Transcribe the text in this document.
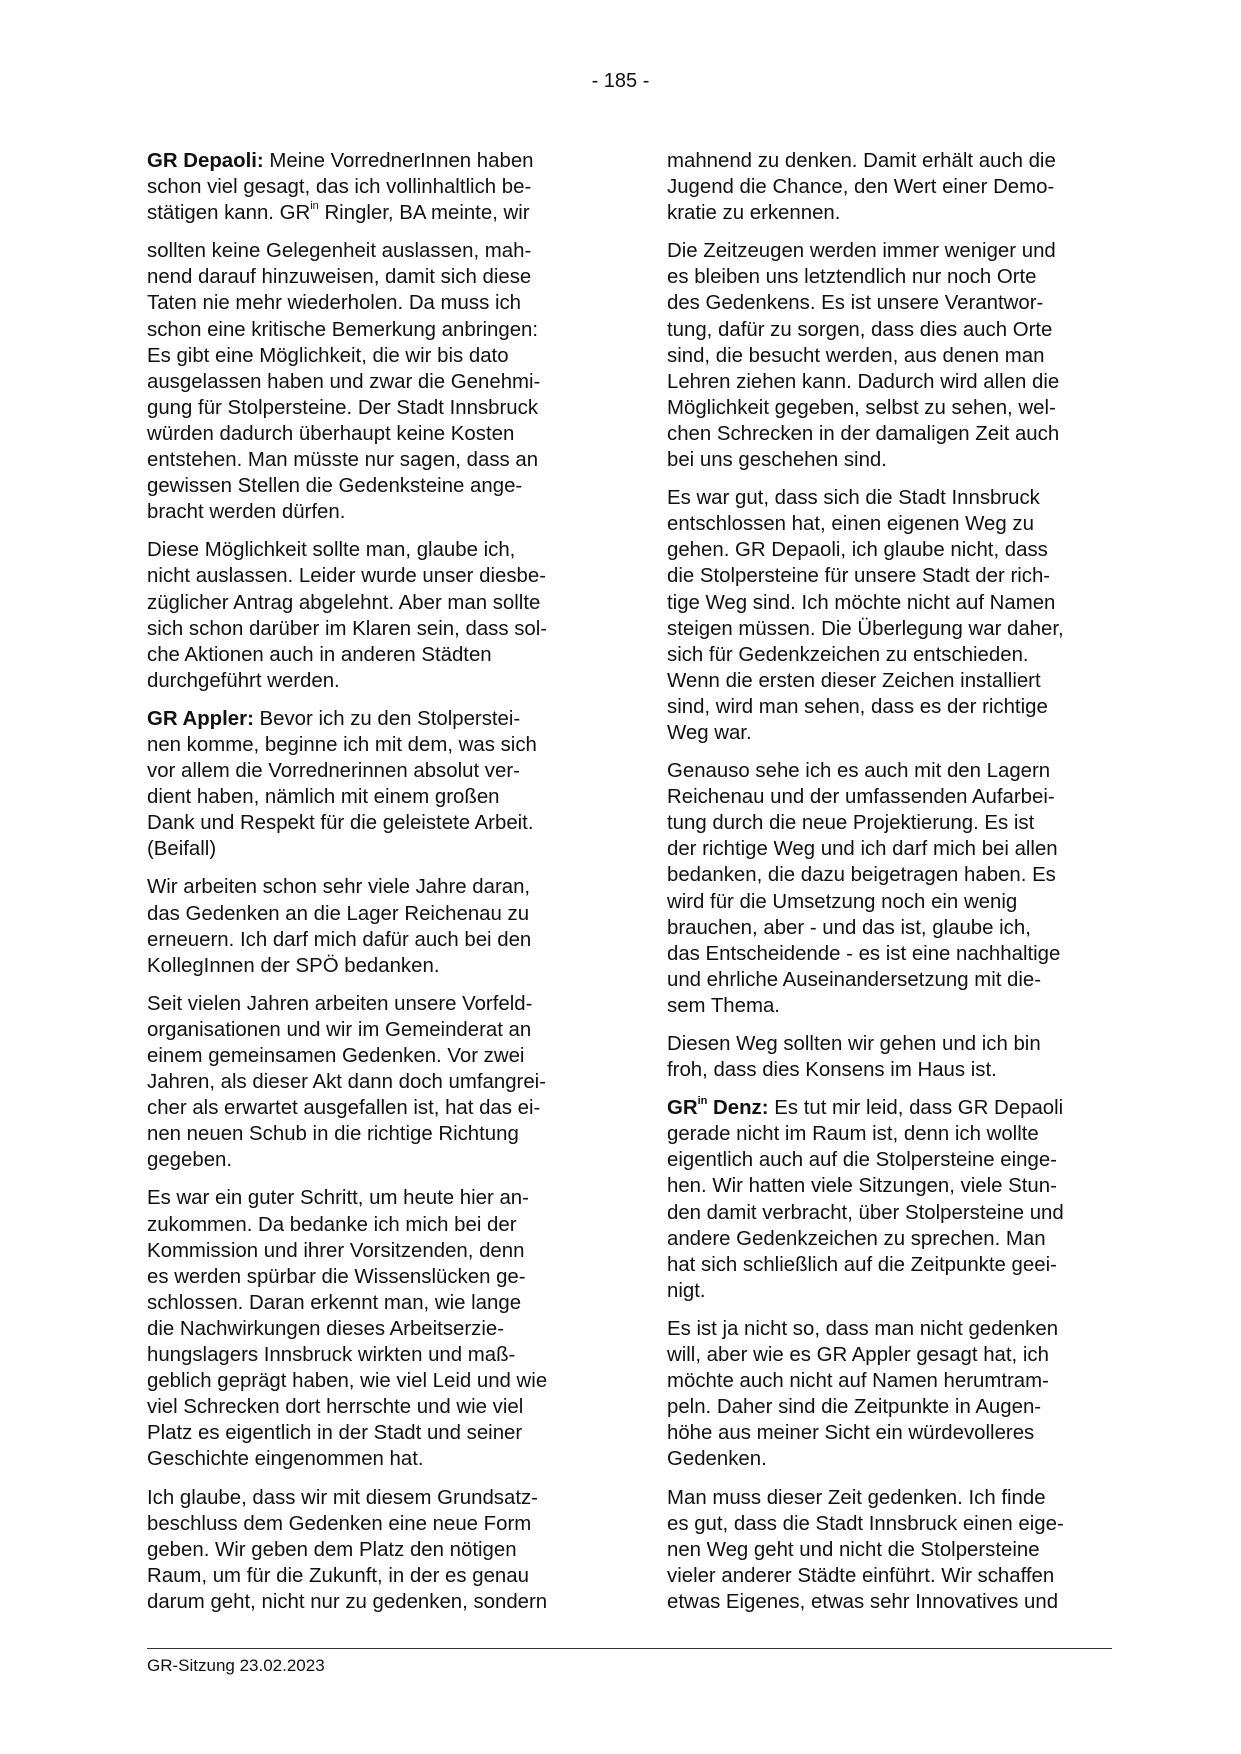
- 185 -

GR Depaoli: Meine VorrednerInnen haben
schon viel gesagt, das ich vollinhaltlich be-
stätigen kann. $GR^{in}$ Ringler, BA meinte, wir

sollten keine Gelegenheit auslassen, mah-
nend darauf hinzuweisen, damit sich diese
Taten nie mehr wiederholen. Da muss ich
schon eine kritische Bemerkung anbringen:
Es gibt eine Möglichkeit, die wir bis dato
ausgelassen haben und zwar die Genehmi-
gung für Stolpersteine. Der Stadt Innsbruck
würden dadurch überhaupt keine Kosten
entstehen. Man müsste nur sagen, dass an
gewissen Stellen die Gedenksteine ange-
bracht werden dürfen.

Diese Möglichkeit sollte man, glaube ich,
nicht auslassen. Leider wurde unser diesbe-
züglicher Antrag abgelehnt. Aber man sollte
sich schon darüber im Klaren sein, dass sol-
che Aktionen auch in anderen Städten
durchgeführt werden.

GR Appler: Bevor ich zu den Stolperstei-
nen komme, beginne ich mit dem, was sich
vor allem die Vorrednerinnen absolut ver-
dient haben, nämlich mit einem großen
Dank und Respekt für die geleistete Arbeit.
(Beifall)

Wir arbeiten schon sehr viele Jahre daran,
das Gedenken an die Lager Reichenau zu
erneuern. Ich darf mich dafür auch bei den
KollegInnen der SPÖ bedanken.

Seit vielen Jahren arbeiten unsere Vorfeld-
organisationen und wir im Gemeinderat an
einem gemeinsamen Gedenken. Vor zwei
Jahren, als dieser Akt dann doch umfangrei-
cher als erwartet ausgefallen ist, hat das ei-
nen neuen Schub in die richtige Richtung
gegeben.

Es war ein guter Schritt, um heute hier an-
zukommen. Da bedanke ich mich bei der
Kommission und ihrer Vorsitzenden, denn
es werden spürbar die Wissenslücken ge-
schlossen. Daran erkennt man, wie lange
die Nachwirkungen dieses Arbeitserzie-
hungslagers Innsbruck wirkten und maß-
geblich geprägt haben, wie viel Leid und wie
viel Schrecken dort herrschte und wie viel
Platz es eigentlich in der Stadt und seiner
Geschichte eingenommen hat.

Ich glaube, dass wir mit diesem Grundsatz-
beschluss dem Gedenken eine neue Form
geben. Wir geben dem Platz den nötigen
Raum, um für die Zukunft, in der es genau
darum geht, nicht nur zu gedenken, sondern

mahnend zu denken. Damit erhält auch die
Jugend die Chance, den Wert einer Demo-
kratie zu erkennen.

Die Zeitzeugen werden immer weniger und
es bleiben uns letztendlich nur noch Orte
des Gedenkens. Es ist unsere Verantwor-
tung, dafür zu sorgen, dass dies auch Orte
sind, die besucht werden, aus denen man
Lehren ziehen kann. Dadurch wird allen die
Möglichkeit gegeben, selbst zu sehen, wel-
chen Schrecken in der damaligen Zeit auch
bei uns geschehen sind.

Es war gut, dass sich die Stadt Innsbruck
entschlossen hat, einen eigenen Weg zu
gehen. GR Depaoli, ich glaube nicht, dass
die Stolpersteine für unsere Stadt der rich-
tige Weg sind. Ich möchte nicht auf Namen
steigen müssen. Die Überlegung war daher,
sich für Gedenkzeichen zu entschieden.
Wenn die ersten dieser Zeichen installiert
sind, wird man sehen, dass es der richtige
Weg war.

Genauso sehe ich es auch mit den Lagern
Reichenau und der umfassenden Aufarbei-
tung durch die neue Projektierung. Es ist
der richtige Weg und ich darf mich bei allen
bedanken, die dazu beigetragen haben. Es
wird für die Umsetzung noch ein wenig
brauchen, aber - und das ist, glaube ich,
das Entscheidende - es ist eine nachhaltige
und ehrliche Auseinandersetzung mit die-
sem Thema.

Diesen Weg sollten wir gehen und ich bin
froh, dass dies Konsens im Haus ist.

$GR^{in}$ Denz: Es tut mir leid, dass GR Depaoli
gerade nicht im Raum ist, denn ich wollte
eigentlich auch auf die Stolpersteine einge-
hen. Wir hatten viele Sitzungen, viele Stun-
den damit verbracht, über Stolpersteine und
andere Gedenkzeichen zu sprechen. Man
hat sich schließlich auf die Zeitpunkte geei-
nigt.

Es ist ja nicht so, dass man nicht gedenken
will, aber wie es GR Appler gesagt hat, ich
möchte auch nicht auf Namen herumtram-
peln. Daher sind die Zeitpunkte in Augen-
höhe aus meiner Sicht ein würdevolleres
Gedenken.

Man muss dieser Zeit gedenken. Ich finde
es gut, dass die Stadt Innsbruck einen eige-
nen Weg geht und nicht die Stolpersteine
vieler anderer Städte einführt. Wir schaffen
etwas Eigenes, etwas sehr Innovatives und

GR-Sitzung 23.02.2023
